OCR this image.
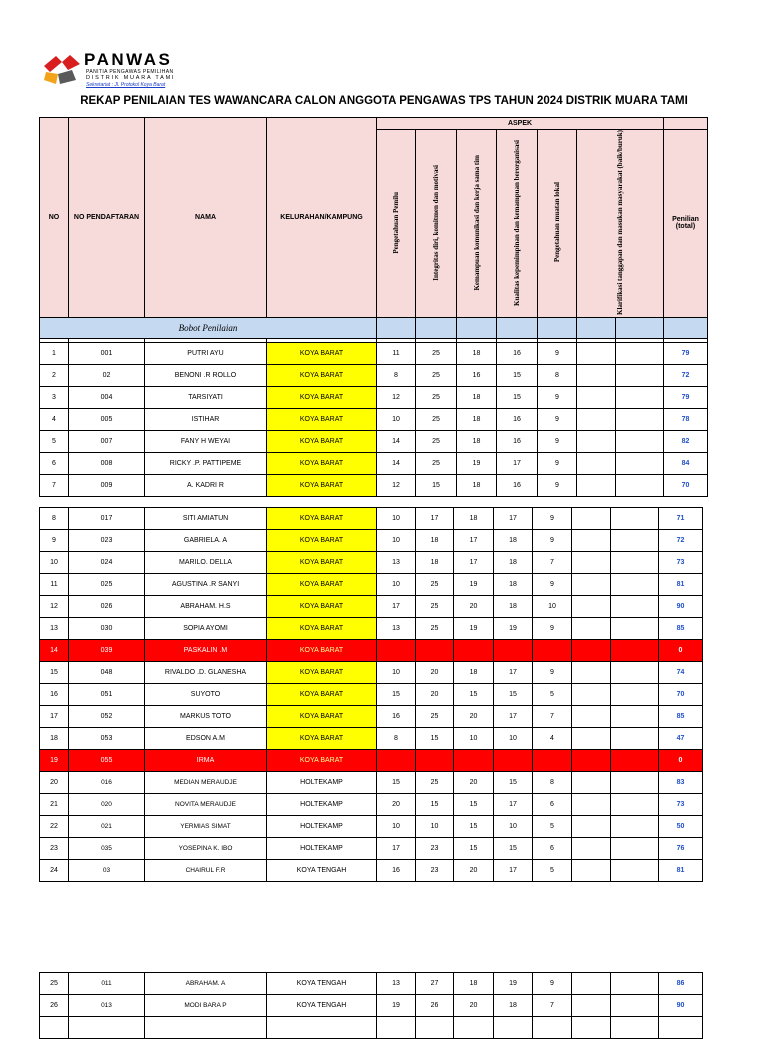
PANWAS
PANITIA PENGAWAS PEMILIHAN
DISTRIK MUARA TAMI
Sekretariat : Jl. Protokol Koya Barat
REKAP PENILAIAN TES WAWANCARA CALON ANGGOTA PENGAWAS TPS TAHUN 2024 DISTRIK MUARA TAMI
NO	NO PENDAFTARAN	NAMA	KELURAHAN/KAMPUNG	ASPEK							
				Pengetahuan Pemilu	Integritas diri, komitmen dan motivasi	Kemampuan komunikasi dan kerja sama tim	Kualitas kepemimpinan dan kemampuan berorganisasi	Pengetahuan muatan lokal	Klarifikasi tanggapan dan masukan masyarakat (baik/buruk)		Penilian (total)
Bobot Penilaian											

1	001	PUTRI AYU	KOYA BARAT	11	25	18	16	9			79
2	02	BENONI .R ROLLO	KOYA BARAT	8	25	16	15	8			72
3	004	TARSIYATI	KOYA BARAT	12	25	18	15	9			79
4	005	ISTIHAR	KOYA BARAT	10	25	18	16	9			78
5	007	FANY H WEYAI	KOYA BARAT	14	25	18	16	9			82
6	008	RICKY .P. PATTIPEME	KOYA BARAT	14	25	19	17	9			84
7	009	A. KADRI R	KOYA BARAT	12	15	18	16	9			70
8	017	SITI AMIATUN	KOYA BARAT	10	17	18	17	9			71
9	023	GABRIELA. A	KOYA BARAT	10	18	17	18	9			72
10	024	MARILO. DELLA	KOYA BARAT	13	18	17	18	7			73
11	025	AGUSTINA .R SANYI	KOYA BARAT	10	25	19	18	9			81
12	026	ABRAHAM. H.S	KOYA BARAT	17	25	20	18	10			90
13	030	SOPIA AYOMI	KOYA BARAT	13	25	19	19	9			85
14	039	PASKALIN .M	KOYA BARAT								0
15	048	RIVALDO .D. GLANESHA	KOYA BARAT	10	20	18	17	9			74
16	051	SUYOTO	KOYA BARAT	15	20	15	15	5			70
17	052	MARKUS TOTO	KOYA BARAT	16	25	20	17	7			85
18	053	EDSON A.M	KOYA BARAT	8	15	10	10	4			47
19	055	IRMA	KOYA BARAT								0
20	016	MEDIAN MERAUDJE	HOLTEKAMP	15	25	20	15	8			83
21	020	NOVITA MERAUDJE	HOLTEKAMP	20	15	15	17	6			73
22	021	YERMIAS SIMAT	HOLTEKAMP	10	10	15	10	5			50
23	035	YOSEPINA K. IBO	HOLTEKAMP	17	23	15	15	6			76
24	03	CHAIRUL F.R	KOYA TENGAH	16	23	20	17	5			81
25	011	ABRAHAM. A	KOYA TENGAH	13	27	18	19	9			86
26	013	MODI BARA P	KOYA TENGAH	19	26	20	18	7			90
